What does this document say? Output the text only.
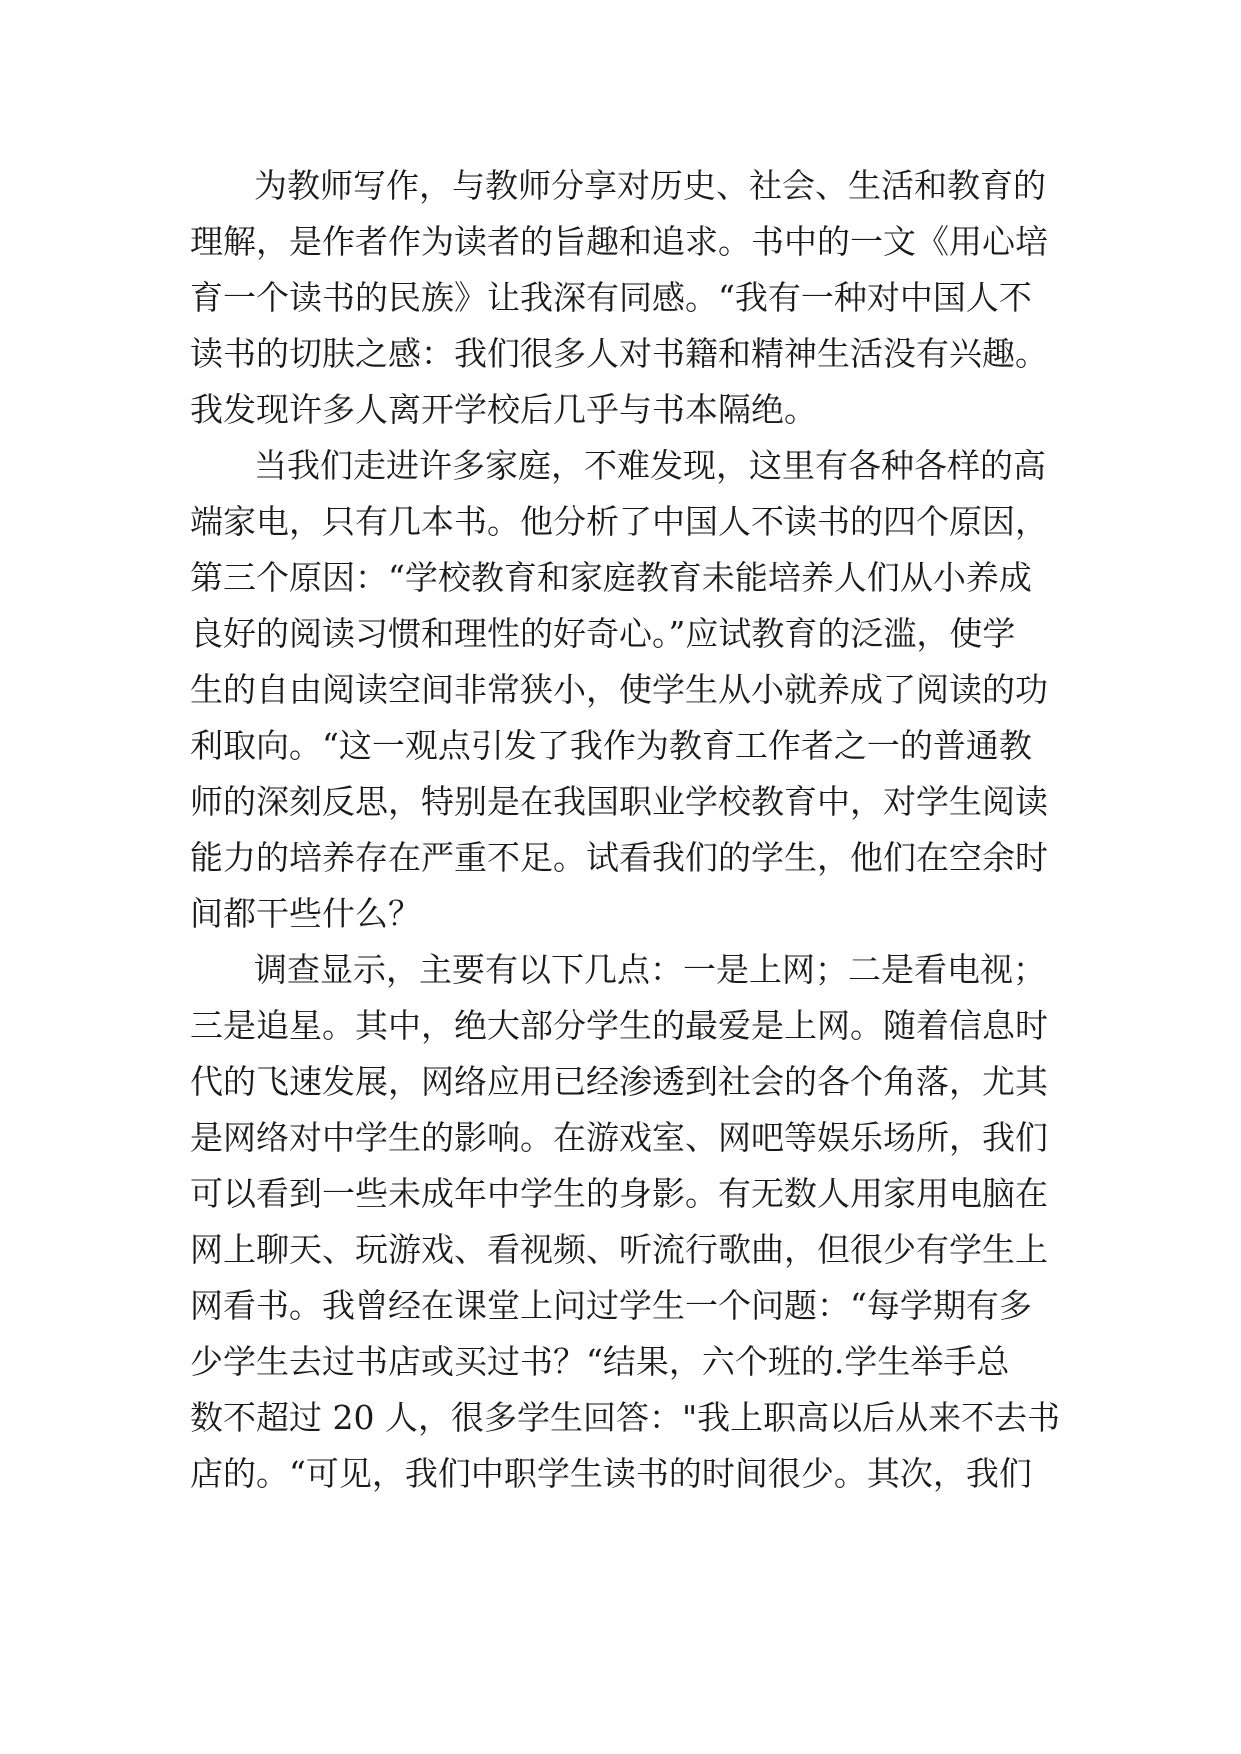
为教师写作，与教师分享对历史、社会、生活和教育的
理解，是作者作为读者的旨趣和追求。书中的一文《用心培
育一个读书的民族》让我深有同感。“我有一种对中国人不
读书的切肤之感：我们很多人对书籍和精神生活没有兴趣。
我发现许多人离开学校后几乎与书本隔绝。
当我们走进许多家庭，不难发现，这里有各种各样的高
端家电，只有几本书。他分析了中国人不读书的四个原因，
第三个原因：“学校教育和家庭教育未能培养人们从小养成
良好的阅读习惯和理性的好奇心。”应试教育的泛滥，使学
生的自由阅读空间非常狭小，使学生从小就养成了阅读的功
利取向。“这一观点引发了我作为教育工作者之一的普通教
师的深刻反思，特别是在我国职业学校教育中，对学生阅读
能力的培养存在严重不足。试看我们的学生，他们在空余时
间都干些什么？
调查显示，主要有以下几点：一是上网；二是看电视；
三是追星。其中，绝大部分学生的最爱是上网。随着信息时
代的飞速发展，网络应用已经渗透到社会的各个角落，尤其
是网络对中学生的影响。在游戏室、网吧等娱乐场所，我们
可以看到一些未成年中学生的身影。有无数人用家用电脑在
网上聊天、玩游戏、看视频、听流行歌曲，但很少有学生上
网看书。我曾经在课堂上问过学生一个问题：“每学期有多
少学生去过书店或买过书？“结果，六个班的.学生举手总
数不超过 20 人，很多学生回答："我上职高以后从来不去书
店的。“可见，我们中职学生读书的时间很少。其次，我们
